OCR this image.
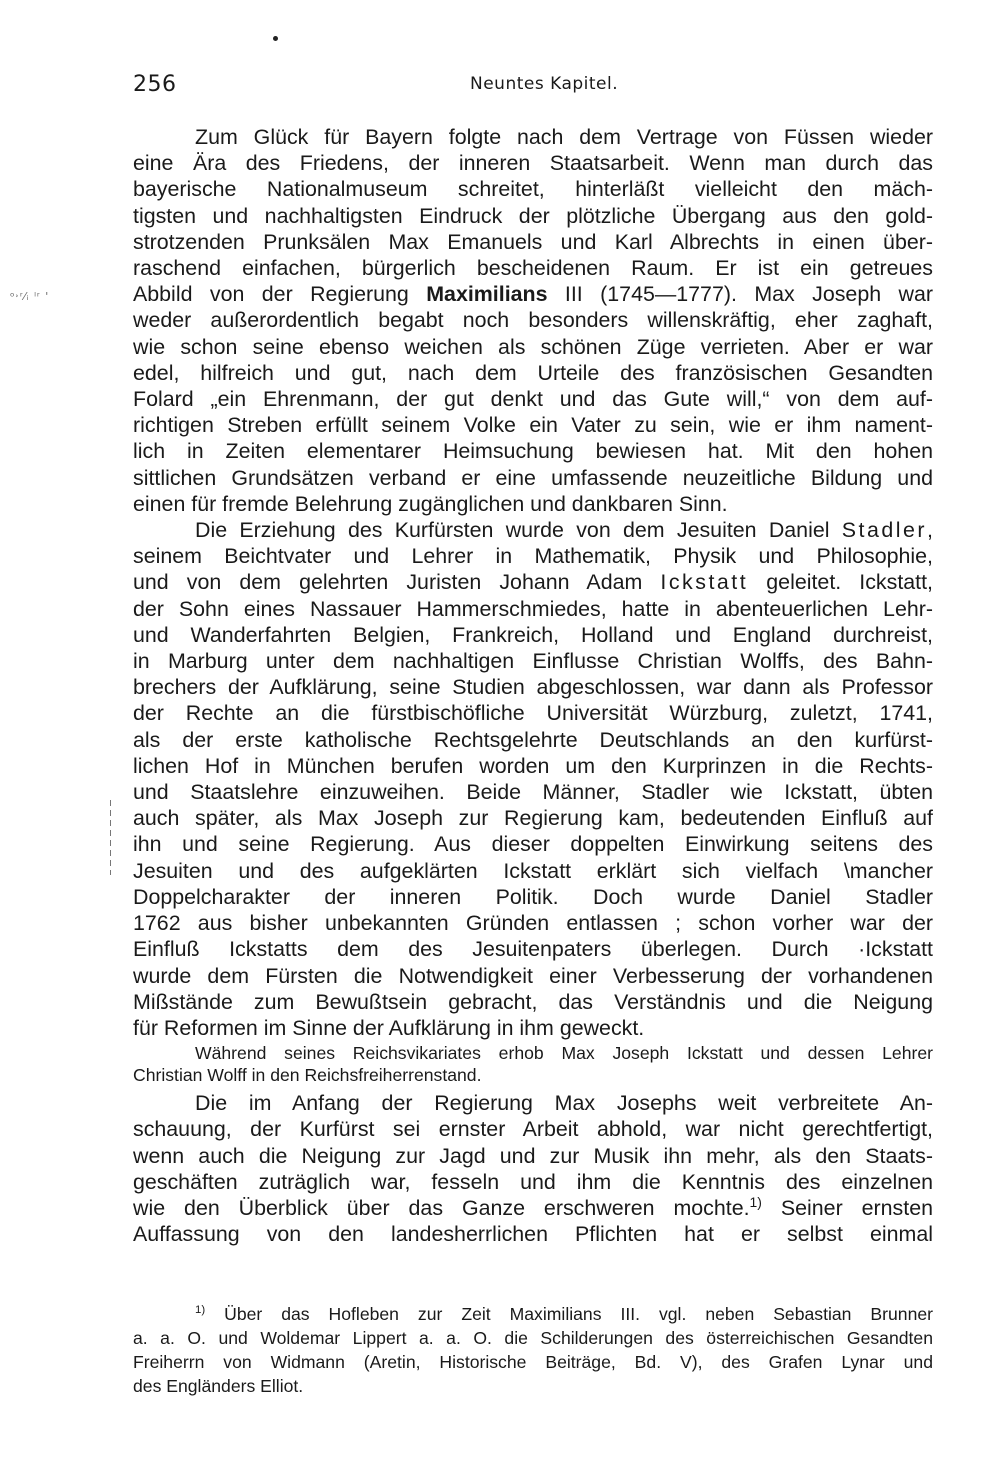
256	Neuntes Kapitel.
ᵒ˒ʳ⁄ᵢ ˡʳ '
Zum Glück für Bayern folgte nach dem Vertrage von Füssen wieder
eine Ära des Friedens, der inneren Staatsarbeit. Wenn man durch das
bayerische Nationalmuseum schreitet, hinterläßt vielleicht den mäch-
tigsten und nachhaltigsten Eindruck der plötzliche Übergang aus den gold-
strotzenden Prunksälen Max Emanuels und Karl Albrechts in einen über-
raschend einfachen, bürgerlich bescheidenen Raum. Er ist ein getreues
Abbild von der Regierung Maximilians III (1745—1777). Max Joseph war
weder außerordentlich begabt noch besonders willenskräftig, eher zaghaft,
wie schon seine ebenso weichen als schönen Züge verrieten. Aber er war
edel, hilfreich und gut, nach dem Urteile des französischen Gesandten
Folard „ein Ehrenmann, der gut denkt und das Gute will,“ von dem auf-
richtigen Streben erfüllt seinem Volke ein Vater zu sein, wie er ihm nament-
lich in Zeiten elementarer Heimsuchung bewiesen hat. Mit den hohen
sittlichen Grundsätzen verband er eine umfassende neuzeitliche Bildung und
einen für fremde Belehrung zugänglichen und dankbaren Sinn.
Die Erziehung des Kurfürsten wurde von dem Jesuiten Daniel Stadler,
seinem Beichtvater und Lehrer in Mathematik, Physik und Philosophie,
und von dem gelehrten Juristen Johann Adam Ickstatt geleitet. Ickstatt,
der Sohn eines Nassauer Hammerschmiedes, hatte in abenteuerlichen Lehr-
und Wanderfahrten Belgien, Frankreich, Holland und England durchreist,
in Marburg unter dem nachhaltigen Einflusse Christian Wolffs, des Bahn-
brechers der Aufklärung, seine Studien abgeschlossen, war dann als Professor
der Rechte an die fürstbischöfliche Universität Würzburg, zuletzt, 1741,
als der erste katholische Rechtsgelehrte Deutschlands an den kurfürst-
lichen Hof in München berufen worden um den Kurprinzen in die Rechts-
und Staatslehre einzuweihen. Beide Männer, Stadler wie Ickstatt, übten
auch später, als Max Joseph zur Regierung kam, bedeutenden Einfluß auf
ihn und seine Regierung. Aus dieser doppelten Einwirkung seitens des
Jesuiten und des aufgeklärten Ickstatt erklärt sich vielfach \mancher
Doppelcharakter der inneren Politik. Doch wurde Daniel Stadler
1762 aus bisher unbekannten Gründen entlassen ; schon vorher war der
Einfluß Ickstatts dem des Jesuitenpaters überlegen. Durch ·Ickstatt
wurde dem Fürsten die Notwendigkeit einer Verbesserung der vorhandenen
Mißstände zum Bewußtsein gebracht, das Verständnis und die Neigung
für Reformen im Sinne der Aufklärung in ihm geweckt.
Während seines Reichsvikariates erhob Max Joseph Ickstatt und dessen Lehrer
Christian Wolff in den Reichsfreiherrenstand.
Die im Anfang der Regierung Max Josephs weit verbreitete An-
schauung, der Kurfürst sei ernster Arbeit abhold, war nicht gerechtfertigt,
wenn auch die Neigung zur Jagd und zur Musik ihn mehr, als den Staats-
geschäften zuträglich war, fesseln und ihm die Kenntnis des einzelnen
wie den Überblick über das Ganze erschweren mochte.$^{1)}$ Seiner ernsten
Auffassung von den landesherrlichen Pflichten hat er selbst einmal
$^{1)}$ Über das Hofleben zur Zeit Maximilians III. vgl. neben Sebastian Brunner
a. a. O. und Woldemar Lippert a. a. O. die Schilderungen des österreichischen Gesandten
Freiherrn von Widmann (Aretin, Historische Beiträge, Bd. V), des Grafen Lynar und
des Engländers Elliot.
